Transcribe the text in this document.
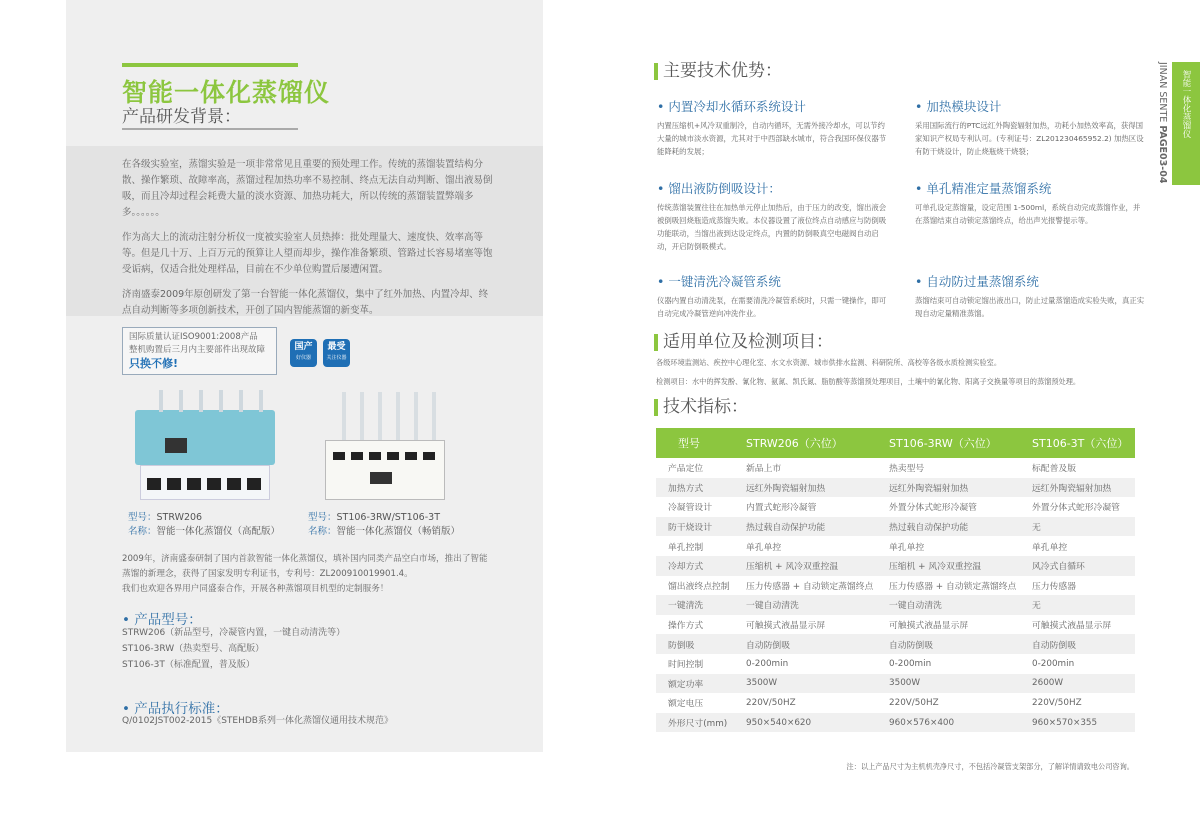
智能一体化蒸馏仪
产品研发背景：

在各级实验室，蒸馏实验是一项非常常见且重要的预处理工作。传统的蒸馏装置结构分散、操作繁琐、故障率高，蒸馏过程加热功率不易控制、终点无法自动判断、馏出液易倒吸，而且冷却过程会耗费大量的淡水资源、加热功耗大，所以传统的蒸馏装置弊端多多。。。。。。

作为高大上的流动注射分析仪一度被实验室人员热捧：批处理量大、速度快、效率高等等。但是几十万、上百万元的预算让人望而却步，操作准备繁琐、管路过长容易堵塞等饱受诟病，仅适合批处理样品，目前在不少单位购置后屡遭闲置。

济南盛泰2009年原创研发了第一台智能一体化蒸馏仪，集中了红外加热、内置冷却、终点自动判断等多项创新技术，开创了国内智能蒸馏的新变革。

国际质量认证ISO9001:2008产品
整机购置后三月内主要部件出现故障
只换不修!
国产
好仪器
最受
关注仪器
型号：STRW206
名称：智能一体化蒸馏仪（高配版）
型号：ST106-3RW/ST106-3T
名称：智能一体化蒸馏仪（畅销版）
2009年，济南盛泰研制了国内首款智能一体化蒸馏仪，填补国内同类产品空白市场，推出了智能蒸馏的新理念，获得了国家发明专利证书，专利号：ZL200910019901.4。
我们也欢迎各界用户同盛泰合作，开展各种蒸馏项目机型的定制服务！
• 产品型号：
STRW206（新品型号，冷凝管内置，一键自动清洗等）
ST106-3RW（热卖型号、高配版）
ST106-3T（标准配置，普及版）
• 产品执行标准：
Q/0102JST002-2015《STEHDB系列一体化蒸馏仪通用技术规范》
主要技术优势：
• 内置冷却水循环系统设计
内置压缩机+风冷双重制冷，自动内循环，无需外接冷却水，可以节约大量的城市淡水资源，尤其对于中西部缺水城市，符合我国环保仪器节能降耗的发展；
• 加热模块设计
采用国际流行的PTC远红外陶瓷辐射加热，功耗小加热效率高，获得国家知识产权局专利认可。(专利证号：ZL201230465952.2) 加热区设有防干烧设计，防止烧瓶烧干烧裂；
• 馏出液防倒吸设计：
传统蒸馏装置往往在加热单元停止加热后，由于压力的改变，馏出液会被倒吸回烧瓶造成蒸馏失败。本仪器设置了液位终点自动感应与防倒吸功能联动，当馏出液到达设定终点，内置的防倒吸真空电磁阀自动启动，开启防倒吸模式。
• 单孔精准定量蒸馏系统
可单孔设定蒸馏量，设定范围 1-500ml，系统自动完成蒸馏作业，并在蒸馏结束自动锁定蒸馏终点，给出声光报警提示等。
• 一键清洗冷凝管系统
仪器内置自动清洗泵，在需要清洗冷凝管系统时，只需一键操作，即可自动完成冷凝管逆向冲洗作业。
• 自动防过量蒸馏系统
蒸馏结束可自动锁定馏出液出口，防止过量蒸馏造成实验失败，真正实现自动定量精准蒸馏。
适用单位及检测项目：
各级环境监测站、疾控中心理化室、水文水资源、城市供排水监测、科研院所、高校等各级水质检测实验室。
检测项目：水中的挥发酚、氰化物、氨氮、凯氏氮、脂肪酸等蒸馏预处理项目，土壤中的氰化物、阳离子交换量等项目的蒸馏预处理。
技术指标：
型号	STRW206（六位）	ST106-3RW（六位）	ST106-3T（六位）
产品定位	新品上市	热卖型号	标配普及版
加热方式	远红外陶瓷辐射加热	远红外陶瓷辐射加热	远红外陶瓷辐射加热
冷凝管设计	内置式蛇形冷凝管	外置分体式蛇形冷凝管	外置分体式蛇形冷凝管
防干烧设计	热过载自动保护功能	热过载自动保护功能	无
单孔控制	单孔单控	单孔单控	单孔单控
冷却方式	压缩机 + 风冷双重控温	压缩机 + 风冷双重控温	风冷式自循环
馏出液终点控制	压力传感器 + 自动锁定蒸馏终点	压力传感器 + 自动锁定蒸馏终点	压力传感器
一键清洗	一键自动清洗	一键自动清洗	无
操作方式	可触摸式液晶显示屏	可触摸式液晶显示屏	可触摸式液晶显示屏
防倒吸	自动防倒吸	自动防倒吸	自动防倒吸
时间控制	0-200min	0-200min	0-200min
额定功率	3500W	3500W	2600W
额定电压	220V/50HZ	220V/50HZ	220V/50HZ
外形尺寸(mm)	950×540×620	960×576×400	960×570×355
注：以上产品尺寸为主机机壳净尺寸，不包括冷凝管支架部分，了解详情请致电公司咨询。
JINAN SENTE PAGE03-04
智能一体化蒸馏仪
